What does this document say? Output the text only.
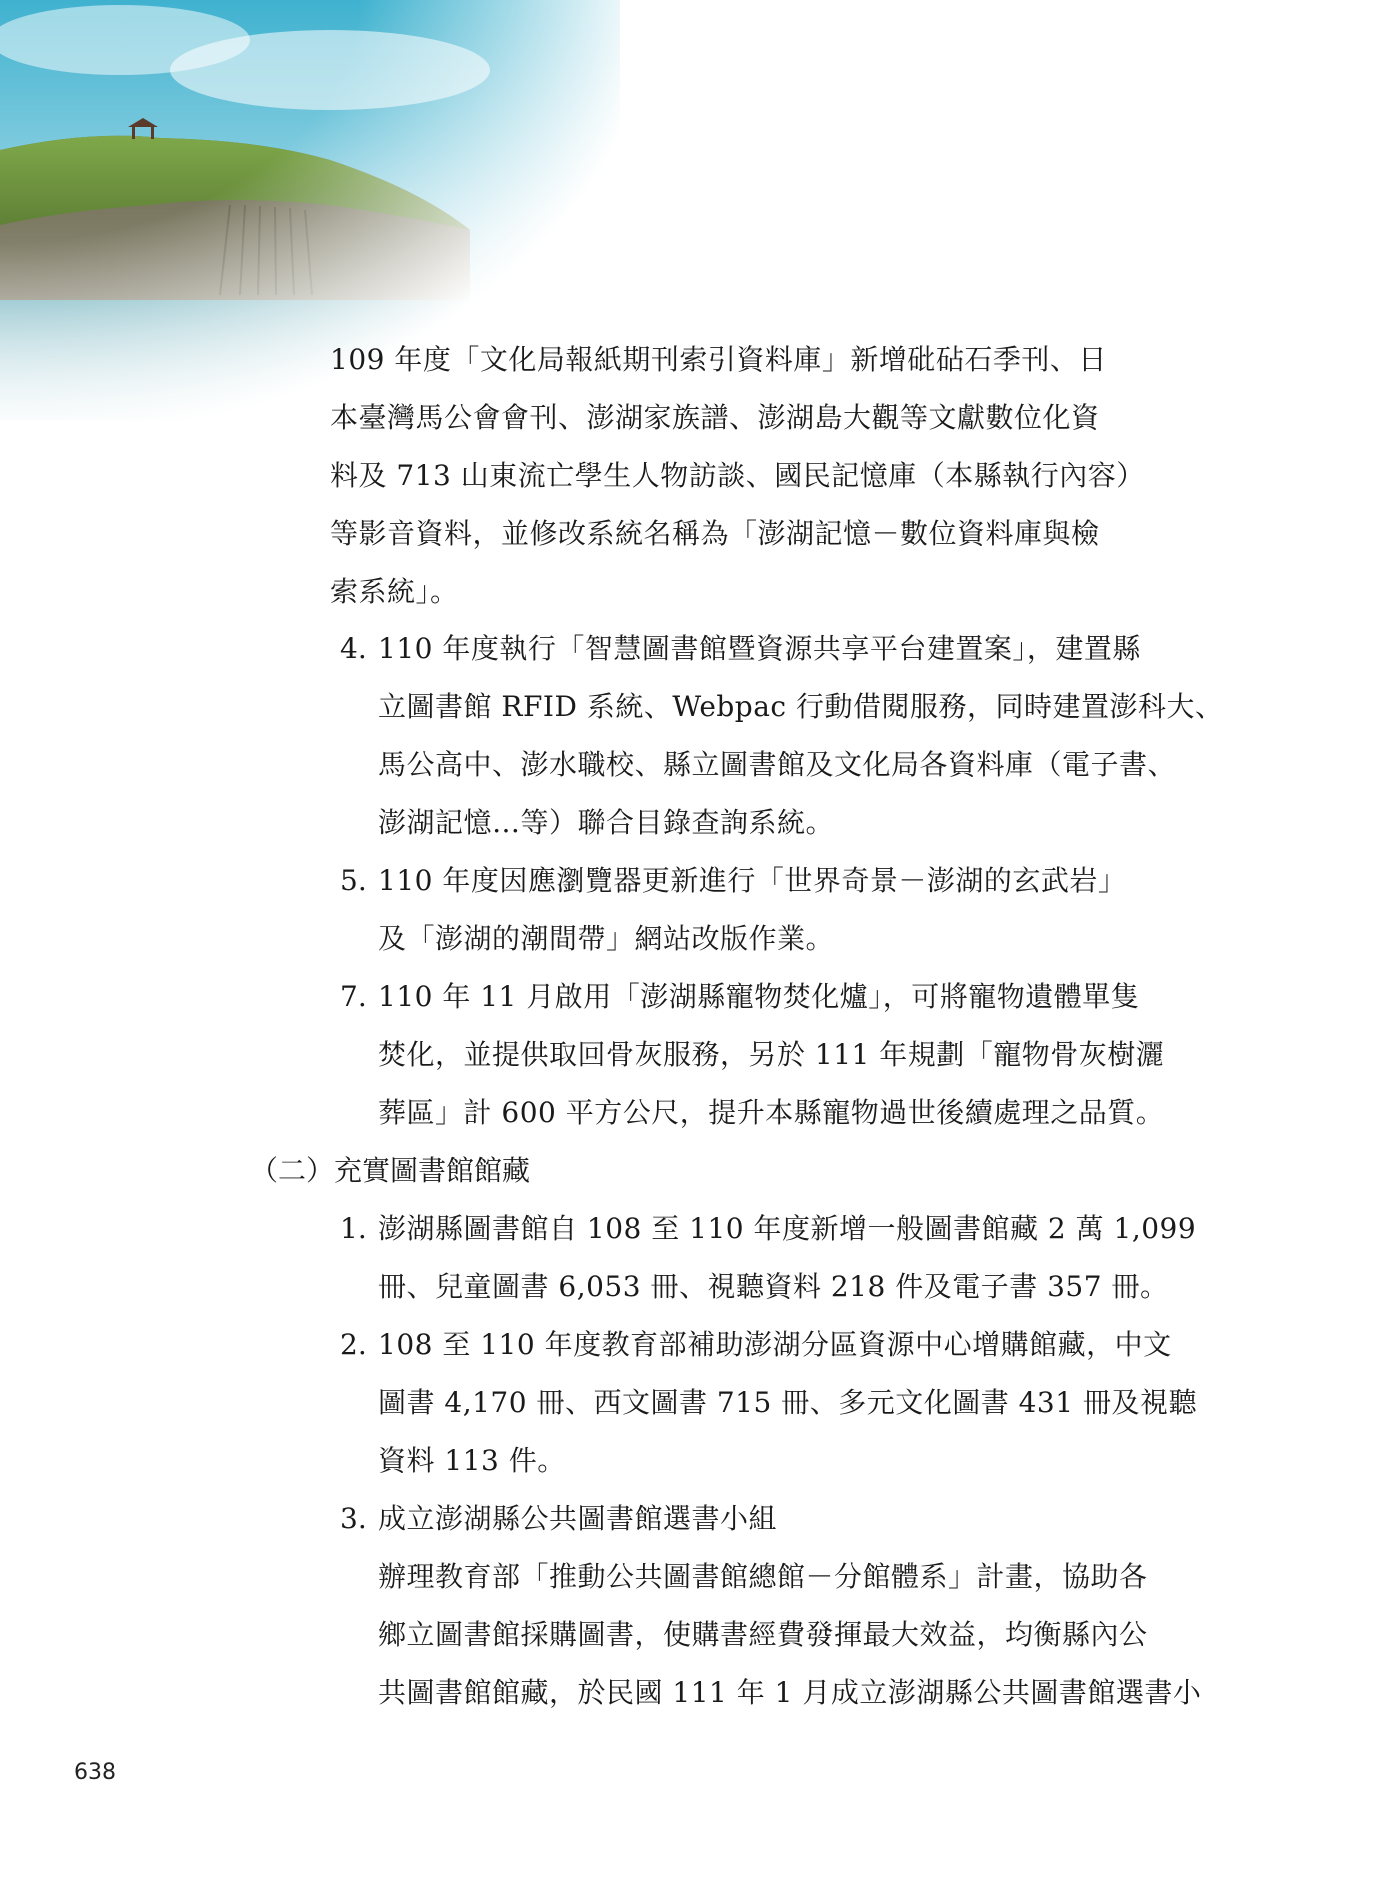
109 年度「文化局報紙期刊索引資料庫」新增砒砧石季刊、日
本臺灣馬公會會刊、澎湖家族譜、澎湖島大觀等文獻數位化資
料及 713 山東流亡學生人物訪談、國民記憶庫（本縣執行內容）
等影音資料，並修改系統名稱為「澎湖記憶－數位資料庫與檢
索系統」。
4. 110 年度執行「智慧圖書館暨資源共享平台建置案」，建置縣
立圖書館 RFID 系統、Webpac 行動借閱服務，同時建置澎科大、
馬公高中、澎水職校、縣立圖書館及文化局各資料庫（電子書、
澎湖記憶…等）聯合目錄查詢系統。
5. 110 年度因應瀏覽器更新進行「世界奇景－澎湖的玄武岩」
及「澎湖的潮間帶」網站改版作業。
7. 110 年 11 月啟用「澎湖縣寵物焚化爐」，可將寵物遺體單隻
焚化，並提供取回骨灰服務，另於 111 年規劃「寵物骨灰樹灑
葬區」計 600 平方公尺，提升本縣寵物過世後續處理之品質。
（二）充實圖書館館藏
1. 澎湖縣圖書館自 108 至 110 年度新增一般圖書館藏 2 萬 1,099
冊、兒童圖書 6,053 冊、視聽資料 218 件及電子書 357 冊。
2. 108 至 110 年度教育部補助澎湖分區資源中心增購館藏，中文
圖書 4,170 冊、西文圖書 715 冊、多元文化圖書 431 冊及視聽
資料 113 件。
3. 成立澎湖縣公共圖書館選書小組
辦理教育部「推動公共圖書館總館－分館體系」計畫，協助各
鄉立圖書館採購圖書，使購書經費發揮最大效益，均衡縣內公
共圖書館館藏，於民國 111 年 1 月成立澎湖縣公共圖書館選書小
638
